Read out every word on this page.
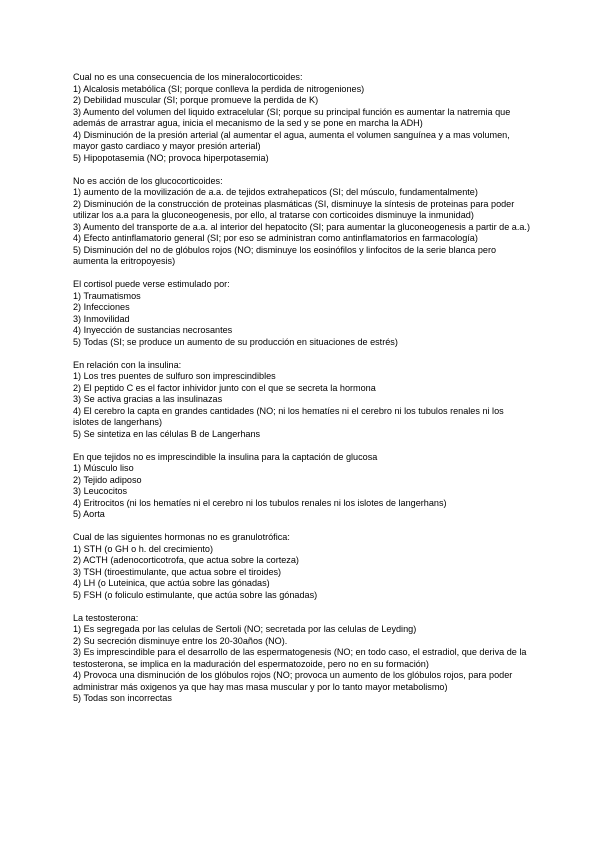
Cual no es una consecuencia de los mineralocorticoides:
1) Alcalosis metabólica (SI; porque conlleva la perdida de nitrogeniones)
2) Debilidad muscular (SI; porque promueve la perdida de K)
3) Aumento del volumen del liquido extracelular (SI; porque su principal función es aumentar la natremia que además de arrastrar agua, inicia el mecanismo de la sed y se pone en marcha la ADH)
4) Disminución de la presión arterial (al aumentar el agua, aumenta el volumen sanguínea y a mas volumen, mayor gasto cardiaco y mayor presión arterial)
5) Hipopotasemia (NO; provoca hiperpotasemia)
No es acción de los glucocorticoides:
1) aumento de la movilización de a.a. de tejidos extrahepaticos (SI; del músculo, fundamentalmente)
2) Disminución de la construcción de proteinas plasmáticas (SI, disminuye la síntesis de proteinas para poder utilizar los a.a para la gluconeogenesis, por ello, al tratarse con corticoides disminuye la inmunidad)
3) Aumento del transporte de a.a. al interior del hepatocito (SI; para aumentar la gluconeogenesis a partir de a.a.)
4) Efecto antinflamatorio general (SI; por eso se administran como antinflamatorios en farmacología)
5) Disminución del no de glóbulos rojos (NO; disminuye los eosinófilos y linfocitos de la serie blanca pero aumenta la eritropoyesis)
El cortisol puede verse estimulado por:
1) Traumatismos
2) Infecciones
3) Inmovilidad
4) Inyección de sustancias necrosantes
5) Todas (SI; se produce un aumento de su producción en situaciones de estrés)
En relación con la insulina:
1) Los tres puentes de sulfuro son imprescindibles
2) El peptido C es el factor inhividor junto con el que se secreta la hormona
3) Se activa gracias a las insulinazas
4) El cerebro la capta en grandes cantidades (NO; ni los hematíes ni el cerebro ni los tubulos renales ni los islotes de langerhans)
5) Se sintetiza en las células B de Langerhans
En que tejidos no es imprescindible la insulina para la captación de glucosa
1) Músculo liso
2) Tejido adiposo
3) Leucocitos
4) Eritrocitos (ni los hematíes ni el cerebro ni los tubulos renales ni los islotes de langerhans)
5) Aorta
Cual de las siguientes hormonas no es granulotrófica:
1) STH (o GH o h. del crecimiento)
2) ACTH (adenocorticotrofa, que actua sobre la corteza)
3) TSH (tiroestimulante, que actua sobre el tiroides)
4) LH (o Luteinica, que actúa sobre las gónadas)
5) FSH (o foliculo estimulante, que actúa sobre las gónadas)
La testosterona:
1) Es segregada por las celulas de Sertoli (NO; secretada por las celulas de Leyding)
2) Su secreción disminuye entre los 20-30años (NO).
3) Es imprescindible para el desarrollo de las espermatogenesis (NO; en todo caso, el estradiol, que deriva de la testosterona, se implica en la maduración del espermatozoide, pero no en su formación)
4) Provoca una disminución de los glóbulos rojos (NO; provoca un aumento de los glóbulos rojos, para poder administrar más oxigenos ya que hay mas masa muscular y por lo tanto mayor metabolismo)
5) Todas son incorrectas
